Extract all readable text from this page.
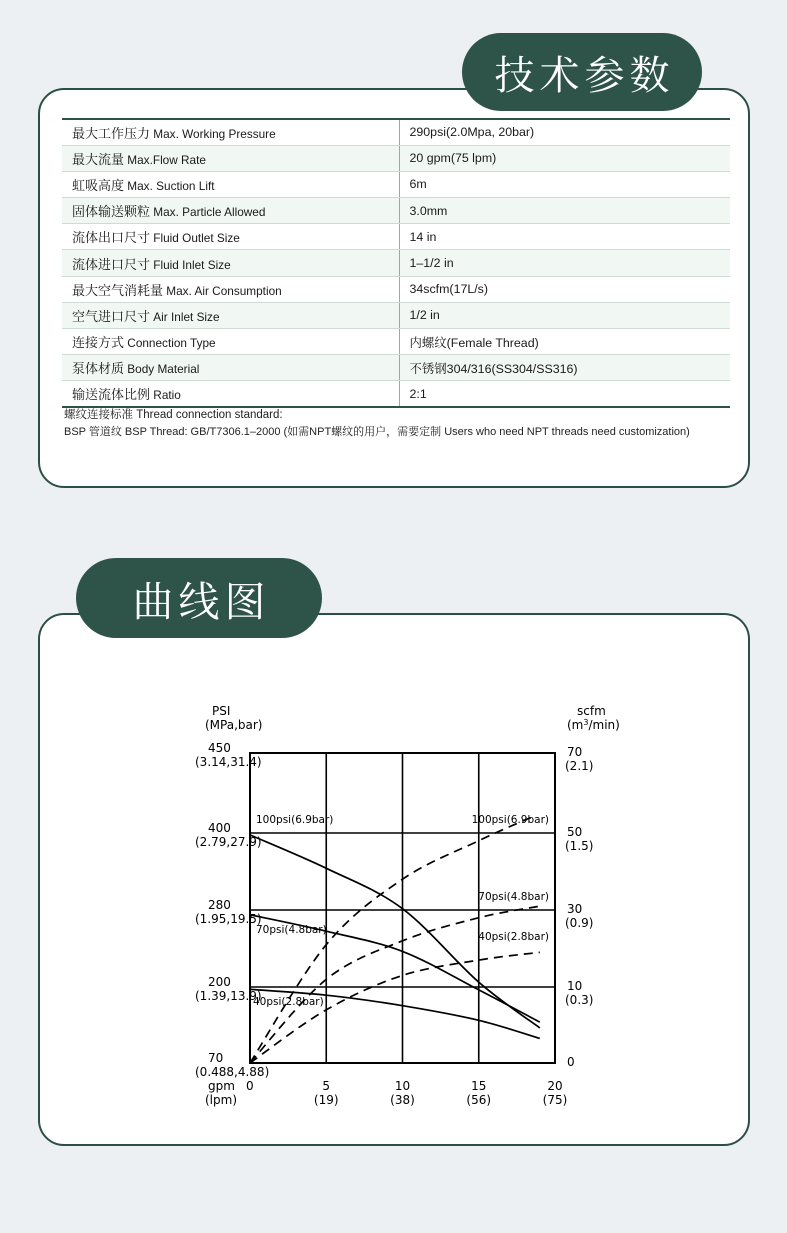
最大工作压力 Max. Working Pressure	290psi(2.0Mpa, 20bar)
最大流量 Max.Flow Rate	20 gpm(75 lpm)
虹吸高度 Max. Suction Lift	6m
固体输送颗粒 Max. Particle Allowed	3.0mm
流体出口尺寸 Fluid Outlet Size	14 in
流体进口尺寸 Fluid Inlet Size	1–1/2 in
最大空气消耗量 Max. Air Consumption	34scfm(17L/s)
空气进口尺寸 Air Inlet Size	1/2 in
连接方式 Connection Type	内螺纹(Female Thread)
泵体材质 Body Material	不锈钢304/316(SS304/SS316)
输送流体比例 Ratio	2:1
螺纹连接标准 Thread connection standard:
BSP 管道纹 BSP Thread: GB/T7306.1–2000 (如需NPT螺纹的用户，需要定制 Users who need NPT threads need customization)
技术参数
PSI
(MPa,bar)
450
(3.14,31.4)
400
(2.79,27.9)
280
(1.95,19.5)
200
(1.39,13.9)
70
(0.488,4.88)
scfm
$(m^3/\min)$
70
(2.1)
50
(1.5)
30
(0.9)
10
(0.3)
0
gpm
(lpm)
0	5
(19)
10
(38)
15
(56)
20
(75)
100psi(6.9bar)	100psi(6.9bar)
70psi(4.8bar)
70psi(4.8bar)
40psi(2.8bar)
40psi(2.8bar)
曲线图
